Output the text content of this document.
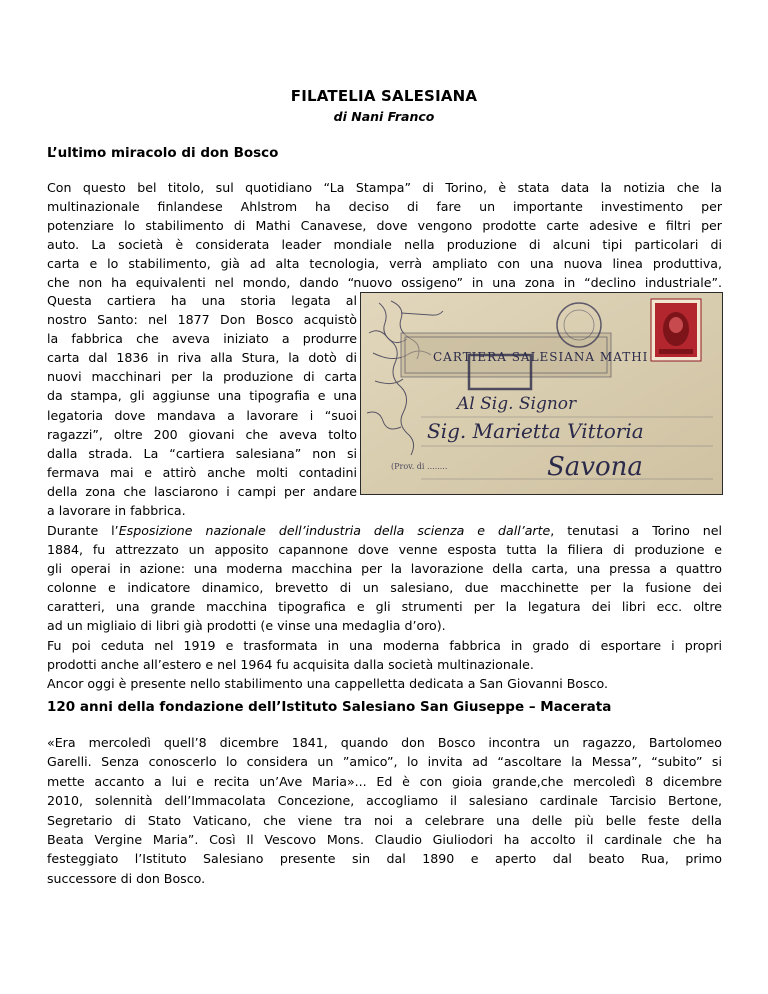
FILATELIA SALESIANA
di Nani Franco
L’ultimo miracolo di don Bosco
Con questo bel titolo, sul quotidiano “La Stampa” di Torino, è stata data la notizia che la
multinazionale finlandese Ahlstrom ha deciso di fare un importante investimento per
potenziare lo stabilimento di Mathi Canavese, dove vengono prodotte carte adesive e filtri per
auto. La società è considerata leader mondiale nella produzione di alcuni tipi particolari di
carta e lo stabilimento, già ad alta tecnologia, verrà ampliato con una nuova linea produttiva,
che non ha equivalenti nel mondo, dando “nuovo ossigeno” in una zona in “declino industriale”.
Questa cartiera ha una storia legata al
nostro Santo: nel 1877 Don Bosco acquistò
la fabbrica che aveva iniziato a produrre
carta dal 1836 in riva alla Stura, la dotò di
nuovi macchinari per la produzione di carta
da stampa, gli aggiunse una tipografia e una
legatoria dove mandava a lavorare i “suoi
ragazzi”, oltre 200 giovani che aveva tolto
dalla strada. La “cartiera salesiana” non si
fermava mai e attirò anche molti contadini
della zona che lasciarono i campi per andare
a lavorare in fabbrica.
CARTIERA SALESIANA MATHI
Al Sig. Signor
Sig. Marietta Vittoria
Savona
(Prov. di ........
Durante l’Esposizione nazionale dell’industria della scienza e dall’arte, tenutasi a Torino nel
1884, fu attrezzato un apposito capannone dove venne esposta tutta la filiera di produzione e
gli operai in azione: una moderna macchina per la lavorazione della carta, una pressa a quattro
colonne e indicatore dinamico, brevetto di un salesiano, due macchinette per la fusione dei
caratteri, una grande macchina tipografica e gli strumenti per la legatura dei libri ecc. oltre
ad un migliaio di libri già prodotti (e vinse una medaglia d’oro).
Fu poi ceduta nel 1919 e trasformata in una moderna fabbrica in grado di esportare i propri
prodotti anche all’estero e nel 1964 fu acquisita dalla società multinazionale.
Ancor oggi è presente nello stabilimento una cappelletta dedicata a San Giovanni Bosco.
120 anni della fondazione dell’Istituto Salesiano San Giuseppe – Macerata
«Era mercoledì quell’8 dicembre 1841, quando don Bosco incontra un ragazzo, Bartolomeo
Garelli. Senza conoscerlo lo considera un ”amico”, lo invita ad “ascoltare la Messa”, “subito” si
mette accanto a lui e recita un’Ave Maria»... Ed è con gioia grande,che mercoledì 8 dicembre
2010, solennità dell’Immacolata Concezione, accogliamo il salesiano cardinale Tarcisio Bertone,
Segretario di Stato Vaticano, che viene tra noi a celebrare una delle più belle feste della
Beata Vergine Maria”. Così Il Vescovo Mons. Claudio Giuliodori ha accolto il cardinale che ha
festeggiato l’Istituto Salesiano presente sin dal 1890 e aperto dal beato Rua, primo
successore di don Bosco.
